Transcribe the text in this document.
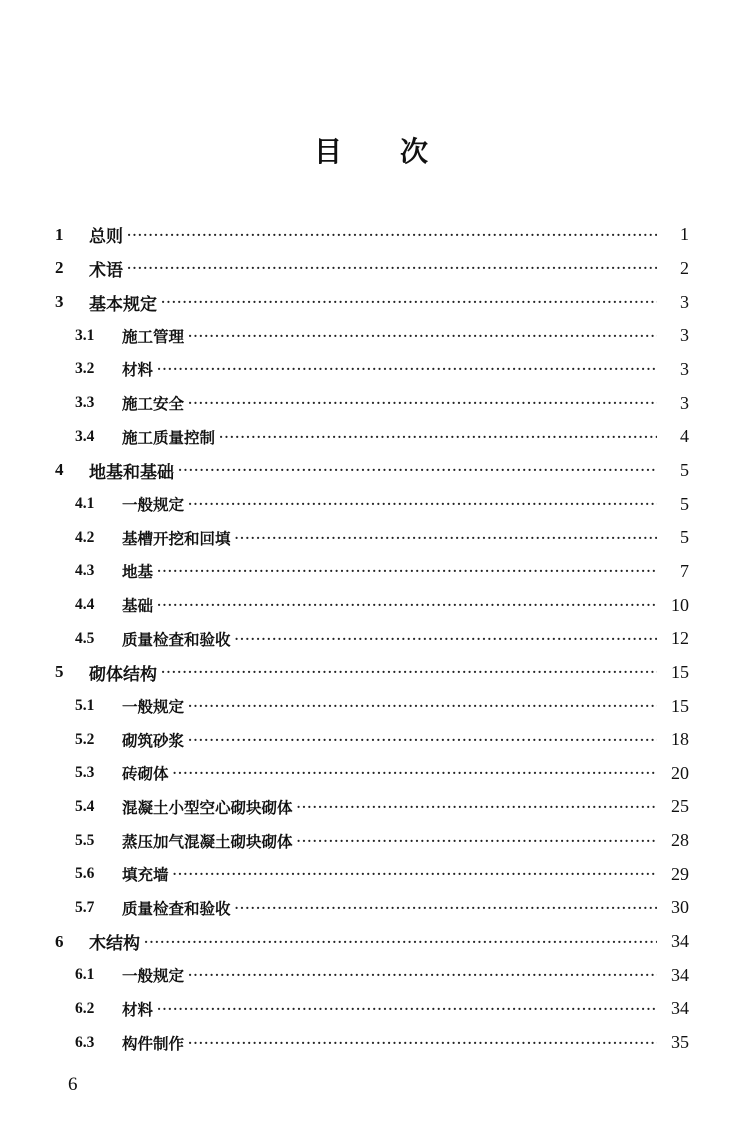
目 次
1	总则 ·····	1
2	术语 ·····	2
3	基本规定 ·····	3
3.1	施工管理 ·····	3
3.2	材料 ·····	3
3.3	施工安全 ·····	3
3.4	施工质量控制 ·····	4
4	地基和基础 ·····	5
4.1	一般规定 ·····	5
4.2	基槽开挖和回填 ·····	5
4.3	地基 ·····	7
4.4	基础 ·····	10
4.5	质量检查和验收 ·····	12
5	砌体结构 ·····	15
5.1	一般规定 ·····	15
5.2	砌筑砂浆 ·····	18
5.3	砖砌体 ·····	20
5.4	混凝土小型空心砌块砌体 ·····	25
5.5	蒸压加气混凝土砌块砌体 ·····	28
5.6	填充墙 ·····	29
5.7	质量检查和验收 ·····	30
6	木结构 ·····	34
6.1	一般规定 ·····	34
6.2	材料 ·····	34
6.3	构件制作 ·····	35
6
